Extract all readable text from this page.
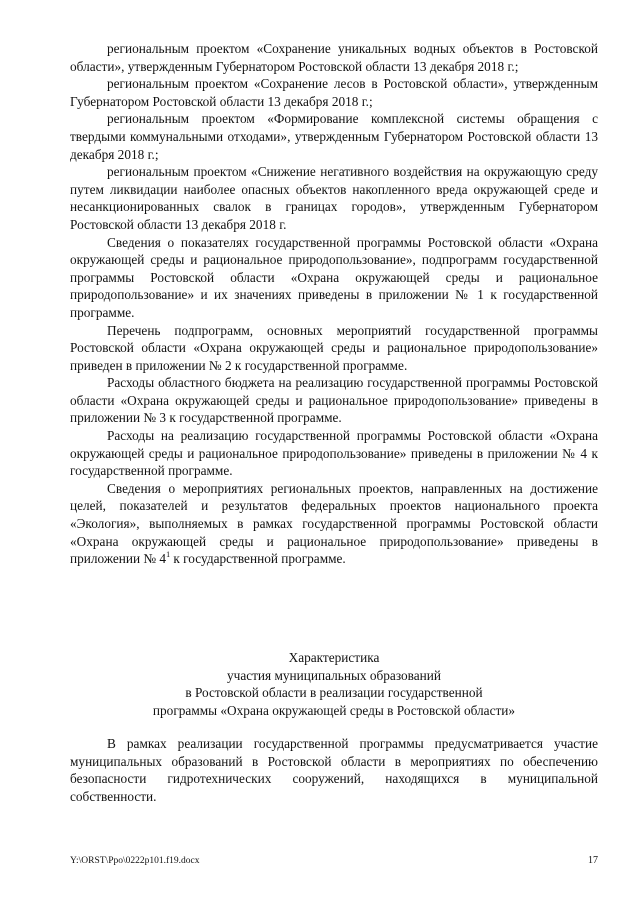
региональным проектом «Сохранение уникальных водных объектов в Ростовской области», утвержденным Губернатором Ростовской области 13 декабря 2018 г.;

региональным проектом «Сохранение лесов в Ростовской области», утвержденным Губернатором Ростовской области 13 декабря 2018 г.;

региональным проектом «Формирование комплексной системы обращения с твердыми коммунальными отходами», утвержденным Губернатором Ростовской области 13 декабря 2018 г.;

региональным проектом «Снижение негативного воздействия на окружающую среду путем ликвидации наиболее опасных объектов накопленного вреда окружающей среде и несанкционированных свалок в границах городов», утвержденным Губернатором Ростовской области 13 декабря 2018 г.

Сведения о показателях государственной программы Ростовской области «Охрана окружающей среды и рациональное природопользование», подпрограмм государственной программы Ростовской области «Охрана окружающей среды и рациональное природопользование» и их значениях приведены в приложении № 1 к государственной программе.

Перечень подпрограмм, основных мероприятий государственной программы Ростовской области «Охрана окружающей среды и рациональное природопользование» приведен в приложении № 2 к государственной программе.

Расходы областного бюджета на реализацию государственной программы Ростовской области «Охрана окружающей среды и рациональное природопользование» приведены в приложении № 3 к государственной программе.

Расходы на реализацию государственной программы Ростовской области «Охрана окружающей среды и рациональное природопользование» приведены в приложении № 4 к государственной программе.

Сведения о мероприятиях региональных проектов, направленных на достижение целей, показателей и результатов федеральных проектов национального проекта «Экология», выполняемых в рамках государственной программы Ростовской области «Охрана окружающей среды и рациональное природопользование» приведены в приложении № $4^1$ к государственной программе.

Характеристика
участия муниципальных образований
в Ростовской области в реализации государственной
программы «Охрана окружающей среды в Ростовской области»

В рамках реализации государственной программы предусматривается участие муниципальных образований в Ростовской области в мероприятиях по обеспечению безопасности гидротехнических сооружений, находящихся в муниципальной собственности.

Y:\ORST\Ppo\0222p101.f19.docx	17
